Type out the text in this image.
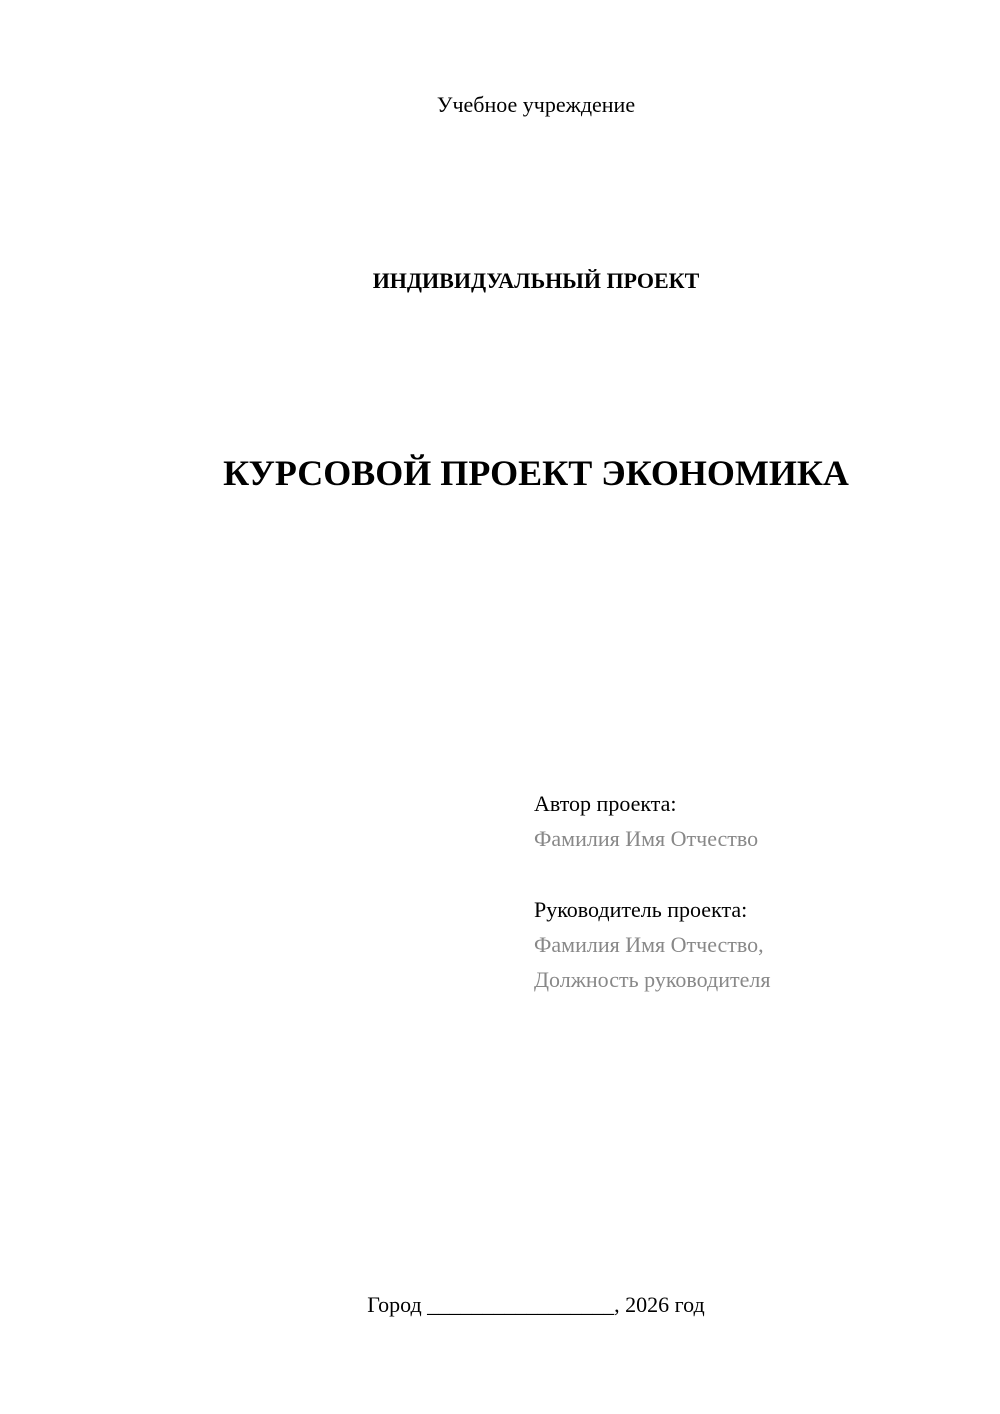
Учебное учреждение
ИНДИВИДУАЛЬНЫЙ ПРОЕКТ
КУРСОВОЙ ПРОЕКТ ЭКОНОМИКА
Автор проекта:
Фамилия Имя Отчество
Руководитель проекта:
Фамилия Имя Отчество,
Должность руководителя
Город _________________, 2026 год
